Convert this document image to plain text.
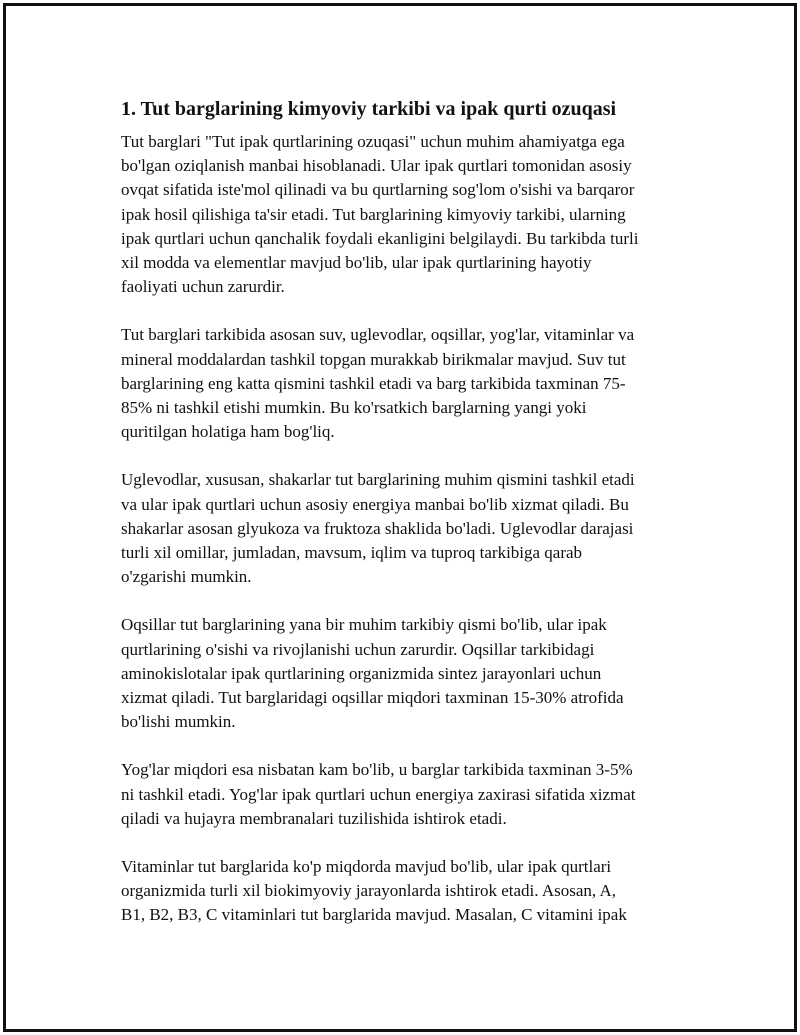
1. Tut barglarining kimyoviy tarkibi va ipak qurti ozuqasi

Tut barglari "Tut ipak qurtlarining ozuqasi" uchun muhim ahamiyatga ega
bo'lgan oziqlanish manbai hisoblanadi. Ular ipak qurtlari tomonidan asosiy
ovqat sifatida iste'mol qilinadi va bu qurtlarning sog'lom o'sishi va barqaror
ipak hosil qilishiga ta'sir etadi. Tut barglarining kimyoviy tarkibi, ularning
ipak qurtlari uchun qanchalik foydali ekanligini belgilaydi. Bu tarkibda turli
xil modda va elementlar mavjud bo'lib, ular ipak qurtlarining hayotiy
faoliyati uchun zarurdir.

Tut barglari tarkibida asosan suv, uglevodlar, oqsillar, yog'lar, vitaminlar va
mineral moddalardan tashkil topgan murakkab birikmalar mavjud. Suv tut
barglarining eng katta qismini tashkil etadi va barg tarkibida taxminan 75-
85% ni tashkil etishi mumkin. Bu ko'rsatkich barglarning yangi yoki
quritilgan holatiga ham bog'liq.

Uglevodlar, xususan, shakarlar tut barglarining muhim qismini tashkil etadi
va ular ipak qurtlari uchun asosiy energiya manbai bo'lib xizmat qiladi. Bu
shakarlar asosan glyukoza va fruktoza shaklida bo'ladi. Uglevodlar darajasi
turli xil omillar, jumladan, mavsum, iqlim va tuproq tarkibiga qarab
o'zgarishi mumkin.

Oqsillar tut barglarining yana bir muhim tarkibiy qismi bo'lib, ular ipak
qurtlarining o'sishi va rivojlanishi uchun zarurdir. Oqsillar tarkibidagi
aminokislotalar ipak qurtlarining organizmida sintez jarayonlari uchun
xizmat qiladi. Tut barglaridagi oqsillar miqdori taxminan 15-30% atrofida
bo'lishi mumkin.

Yog'lar miqdori esa nisbatan kam bo'lib, u barglar tarkibida taxminan 3-5%
ni tashkil etadi. Yog'lar ipak qurtlari uchun energiya zaxirasi sifatida xizmat
qiladi va hujayra membranalari tuzilishida ishtirok etadi.

Vitaminlar tut barglarida ko'p miqdorda mavjud bo'lib, ular ipak qurtlari
organizmida turli xil biokimyoviy jarayonlarda ishtirok etadi. Asosan, A,
B1, B2, B3, C vitaminlari tut barglarida mavjud. Masalan, C vitamini ipak
